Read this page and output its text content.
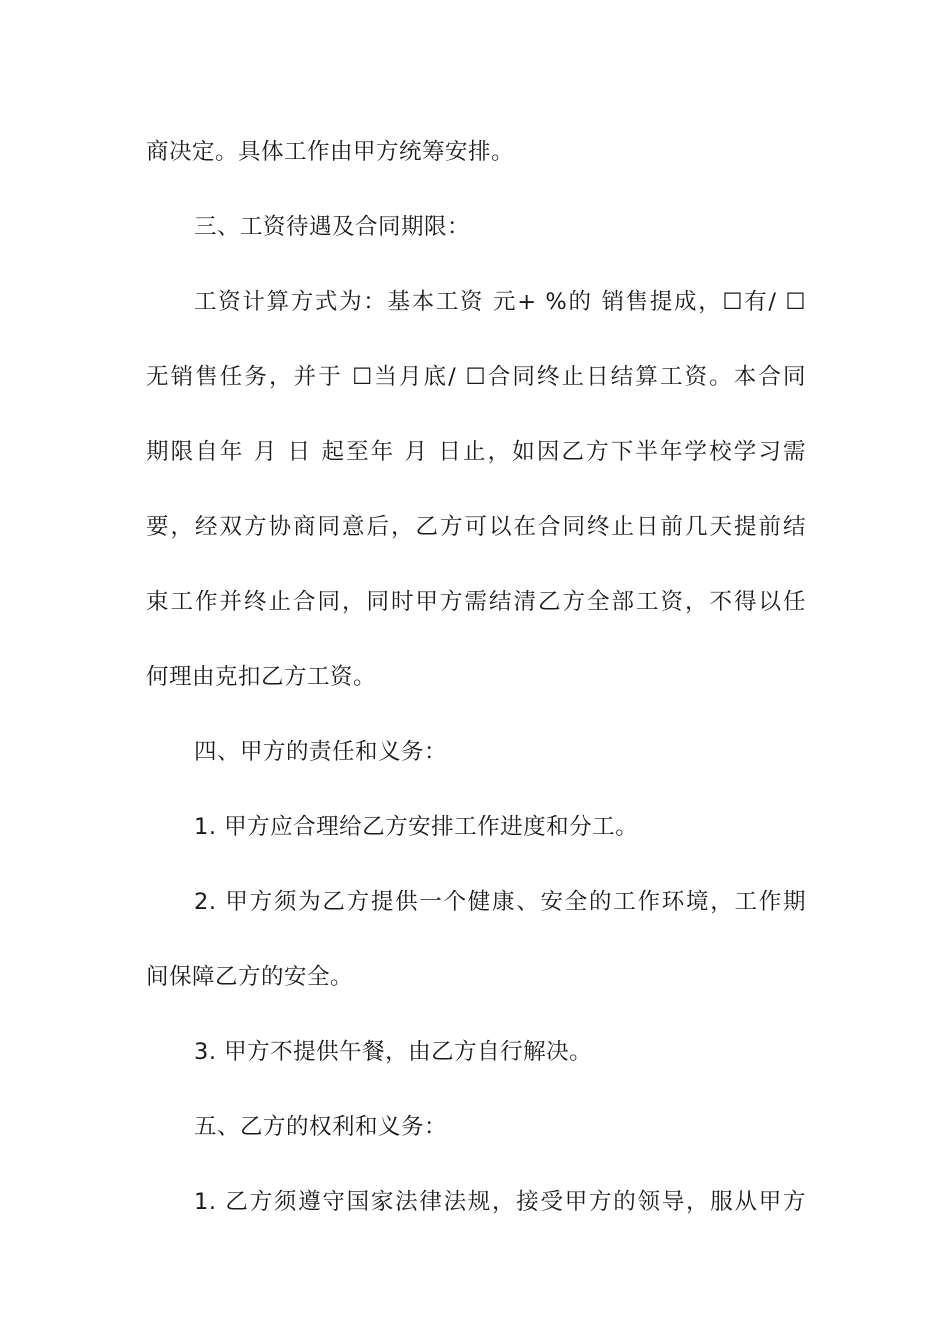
商决定。具体工作由甲方统筹安排。
三、工资待遇及合同期限：
工资计算方式为：基本工资 元+ %的 销售提成，☐有/ ☐
无销售任务，并于 ☐当月底/ ☐合同终止日结算工资。本合同
期限自年 月 日 起至年 月 日止，如因乙方下半年学校学习需
要，经双方协商同意后，乙方可以在合同终止日前几天提前结
束工作并终止合同，同时甲方需结清乙方全部工资，不得以任
何理由克扣乙方工资。
四、甲方的责任和义务：
1. 甲方应合理给乙方安排工作进度和分工。
2. 甲方须为乙方提供一个健康、安全的工作环境，工作期
间保障乙方的安全。
3. 甲方不提供午餐，由乙方自行解决。
五、乙方的权利和义务：
1. 乙方须遵守国家法律法规，接受甲方的领导，服从甲方
